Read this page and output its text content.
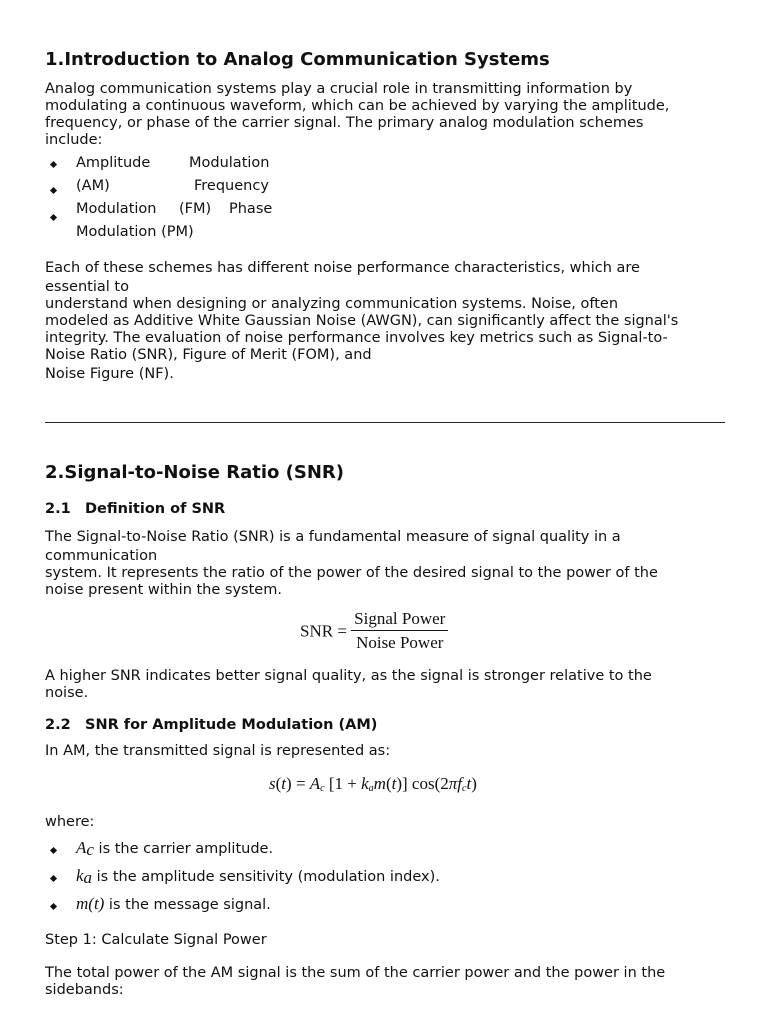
1.Introduction to Analog Communication Systems
Analog communication systems play a crucial role in transmitting information by
modulating a continuous waveform, which can be achieved by varying the amplitude,
frequency, or phase of the carrier signal. The primary analog modulation schemes
include:
Amplitude	Modulation
(AM)	Frequency
Modulation (FM) Phase
Modulation (PM)
Each of these schemes has different noise performance characteristics, which are
essential to
understand when designing or analyzing communication systems. Noise, often
modeled as Additive White Gaussian Noise (AWGN), can significantly affect the signal's
integrity. The evaluation of noise performance involves key metrics such as Signal-to-
Noise Ratio (SNR), Figure of Merit (FOM), and
Noise Figure (NF).
2.Signal-to-Noise Ratio (SNR)
2.1 Definition of SNR
The Signal-to-Noise Ratio (SNR) is a fundamental measure of signal quality in a
communication
system. It represents the ratio of the power of the desired signal to the power of the
noise present within the system.
SNR = $\frac{\text{Signal Power}}{\text{Noise Power}}$
A higher SNR indicates better signal quality, as the signal is stronger relative to the
noise.
2.2 SNR for Amplitude Modulation (AM)
In AM, the transmitted signal is represented as:
$s(t) = A_c$ $[1 + k_am(t)]$ $\cos(2\pi f_ct)$
where:
$A_c$ is the carrier amplitude.
$k_a$ is the amplitude sensitivity (modulation index).
m(t) is the message signal.
Step 1: Calculate Signal Power
The total power of the AM signal is the sum of the carrier power and the power in the
sidebands:
